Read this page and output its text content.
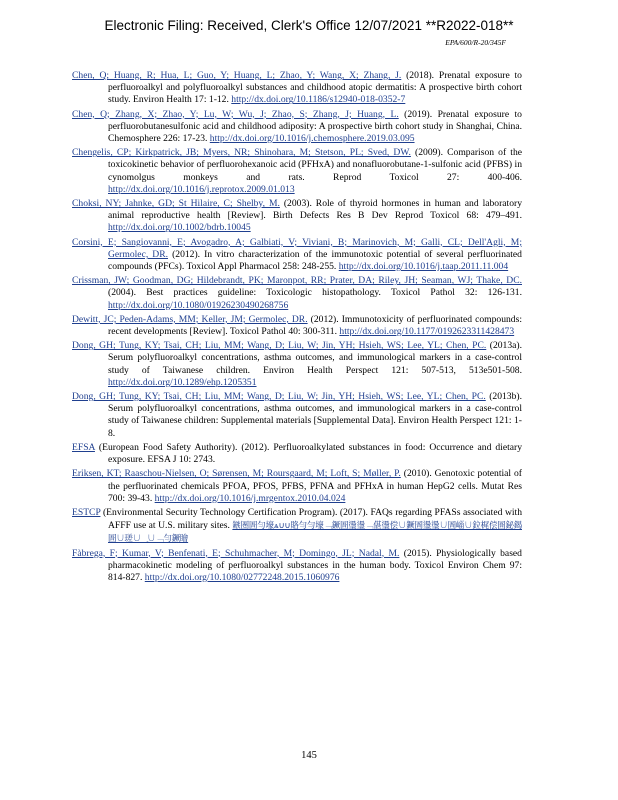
Electronic Filing: Received, Clerk's Office 12/07/2021 **R2022-018**
EPA/600/R-20/345F

Chen, Q; Huang, R; Hua, L; Guo, Y; Huang, L; Zhao, Y; Wang, X; Zhang, J. (2018). Prenatal exposure to perfluoroalkyl and polyfluoroalkyl substances and childhood atopic dermatitis: A prospective birth cohort study. Environ Health 17: 1-12. http://dx.doi.org/10.1186/s12940-018-0352-7

Chen, Q; Zhang, X; Zhao, Y; Lu, W; Wu, J; Zhao, S; Zhang, J; Huang, L. (2019). Prenatal exposure to perfluorobutanesulfonic acid and childhood adiposity: A prospective birth cohort study in Shanghai, China. Chemosphere 226: 17-23. http://dx.doi.org/10.1016/j.chemosphere.2019.03.095

Chengelis, CP; Kirkpatrick, JB; Myers, NR; Shinohara, M; Stetson, PL; Sved, DW. (2009). Comparison of the toxicokinetic behavior of perfluorohexanoic acid (PFHxA) and nonafluorobutane-1-sulfonic acid (PFBS) in cynomolgus monkeys and rats. Reprod Toxicol 27: 400-406. http://dx.doi.org/10.1016/j.reprotox.2009.01.013

Choksi, NY; Jahnke, GD; St Hilaire, C; Shelby, M. (2003). Role of thyroid hormones in human and laboratory animal reproductive health [Review]. Birth Defects Res B Dev Reprod Toxicol 68: 479–491. http://dx.doi.org/10.1002/bdrb.10045

Corsini, E; Sangiovanni, E; Avogadro, A; Galbiati, V; Viviani, B; Marinovich, M; Galli, CL; Dell'Agli, M; Germolec, DR. (2012). In vitro characterization of the immunotoxic potential of several perfluorinated compounds (PFCs). Toxicol Appl Pharmacol 258: 248-255. http://dx.doi.org/10.1016/j.taap.2011.11.004

Crissman, JW; Goodman, DG; Hildebrandt, PK; Maronpot, RR; Prater, DA; Riley, JH; Seaman, WJ; Thake, DC. (2004). Best practices guideline: Toxicologic histopathology. Toxicol Pathol 32: 126-131. http://dx.doi.org/10.1080/01926230490268756

Dewitt, JC; Peden-Adams, MM; Keller, JM; Germolec, DR. (2012). Immunotoxicity of perfluorinated compounds: recent developments [Review]. Toxicol Pathol 40: 300-311. http://dx.doi.org/10.1177/0192623311428473

Dong, GH; Tung, KY; Tsai, CH; Liu, MM; Wang, D; Liu, W; Jin, YH; Hsieh, WS; Lee, YL; Chen, PC. (2013a). Serum polyfluoroalkyl concentrations, asthma outcomes, and immunological markers in a case-control study of Taiwanese children. Environ Health Perspect 121: 507-513, 513e501-508. http://dx.doi.org/10.1289/ehp.1205351

Dong, GH; Tung, KY; Tsai, CH; Liu, MM; Wang, D; Liu, W; Jin, YH; Hsieh, WS; Lee, YL; Chen, PC. (2013b). Serum polyfluoroalkyl concentrations, asthma outcomes, and immunological markers in a case-control study of Taiwanese children: Supplemental materials [Supplemental Data]. Environ Health Perspect 121: 1-8.

EFSA (European Food Safety Authority). (2012). Perfluoroalkylated substances in food: Occurrence and dietary exposure. EFSA J 10: 2743.

Eriksen, KT; Raaschou-Nielsen, O; Sørensen, M; Roursgaard, M; Loft, S; Møller, P. (2010). Genotoxic potential of the perfluorinated chemicals PFOA, PFOS, PFBS, PFNA and PFHxA in human HepG2 cells. Mutat Res 700: 39-43. http://dx.doi.org/10.1016/j.mrgentox.2010.04.024

ESTCP (Environmental Security Technology Certification Program). (2017). FAQs regarding PFASs associated with AFFF use at U.S. military sites. 鏃圏圄勻壕ѧ∪∪賂勻勻壕﹁鐝圄璗璗﹁偡璗偿∪鐝圄璗璗∪圄崰∪鉝梶偿圄鉍鍻圄∪瑳∪瀷᷊∪﹁勻鐝瞺

Fàbrega, F; Kumar, V; Benfenati, E; Schuhmacher, M; Domingo, JL; Nadal, M. (2015). Physiologically based pharmacokinetic modeling of perfluoroalkyl substances in the human body. Toxicol Environ Chem 97: 814-827. http://dx.doi.org/10.1080/02772248.2015.1060976

145
